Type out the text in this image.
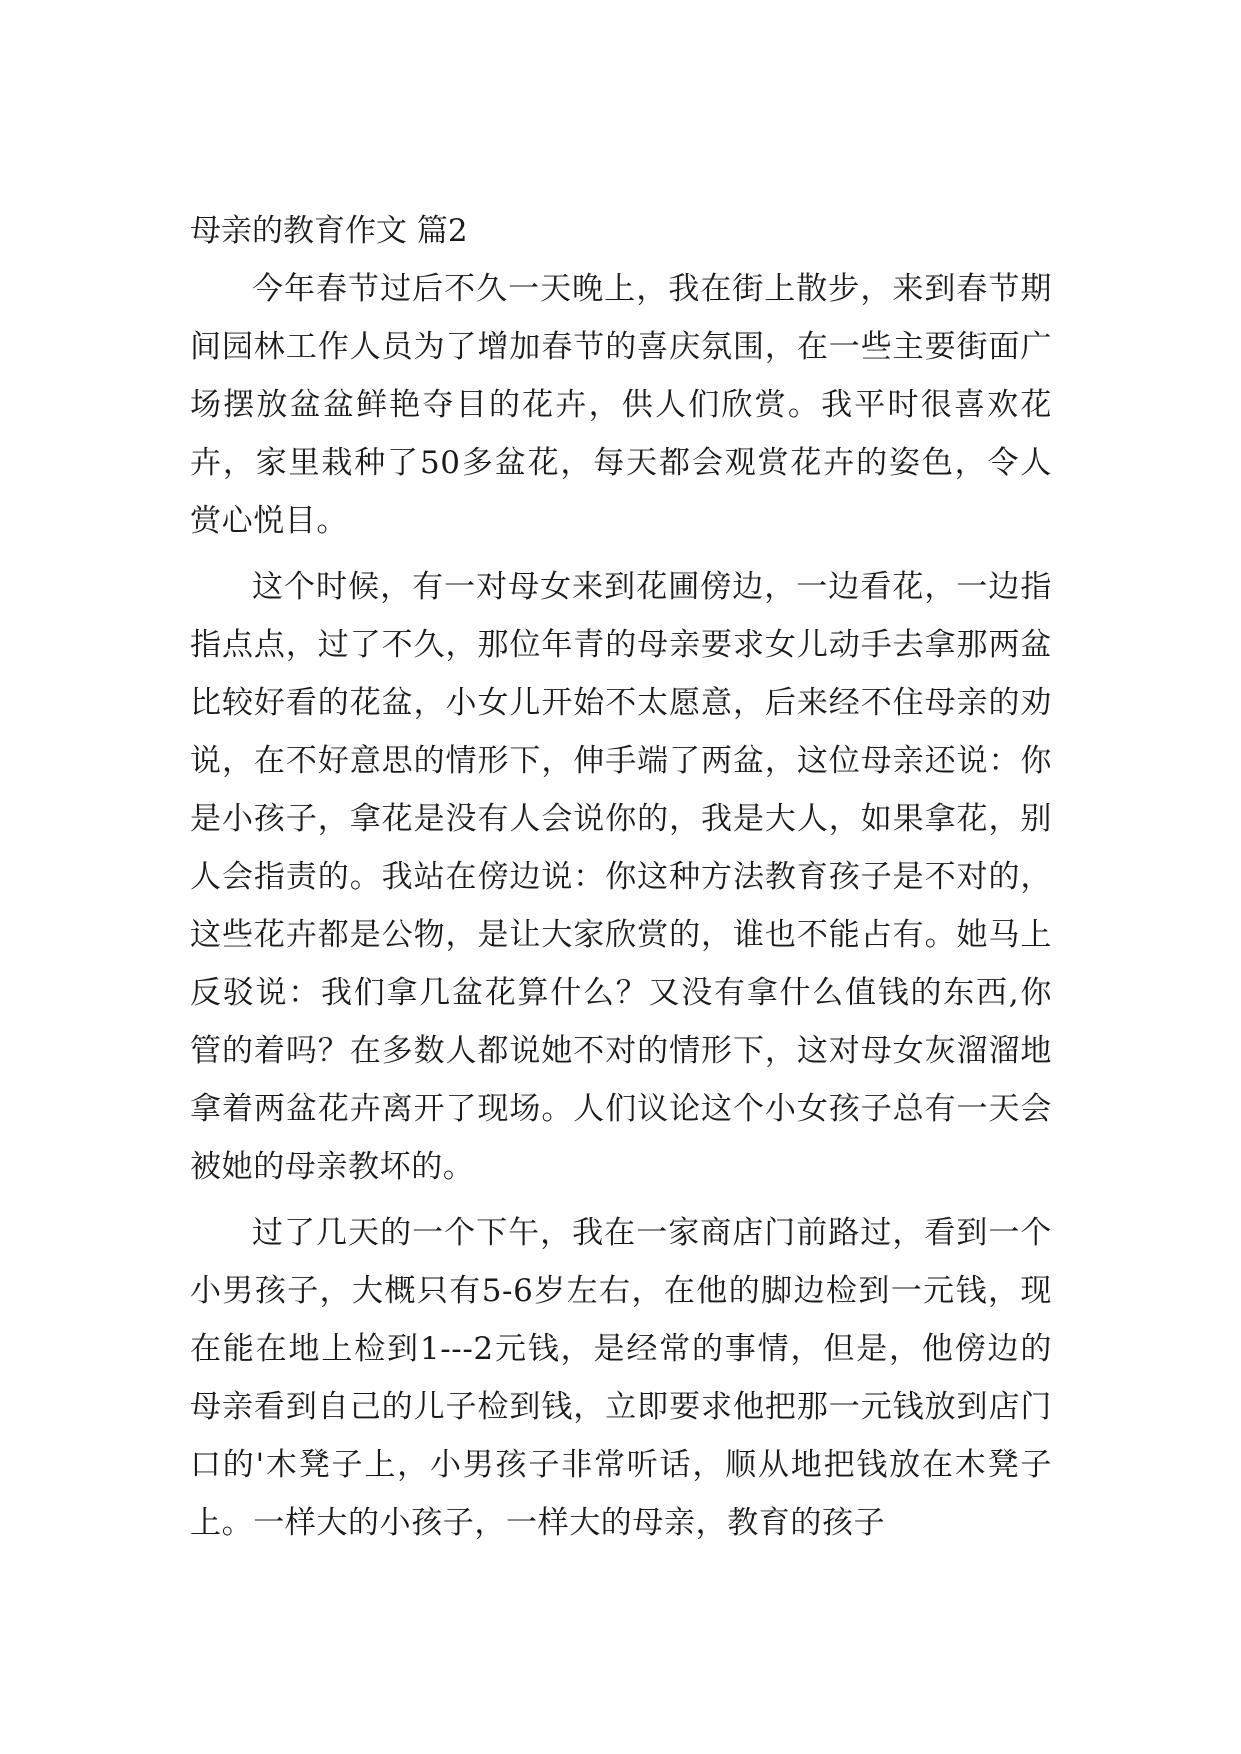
母亲的教育作文 篇2

今年春节过后不久一天晚上，我在街上散步，来到春节期间园林工作人员为了增加春节的喜庆氛围，在一些主要街面广场摆放盆盆鲜艳夺目的花卉，供人们欣赏。我平时很喜欢花卉，家里栽种了50多盆花，每天都会观赏花卉的姿色，令人赏心悦目。

这个时候，有一对母女来到花圃傍边，一边看花，一边指指点点，过了不久，那位年青的母亲要求女儿动手去拿那两盆比较好看的花盆，小女儿开始不太愿意，后来经不住母亲的劝说，在不好意思的情形下，伸手端了两盆，这位母亲还说：你是小孩子，拿花是没有人会说你的，我是大人，如果拿花，别人会指责的。我站在傍边说：你这种方法教育孩子是不对的，这些花卉都是公物，是让大家欣赏的，谁也不能占有。她马上反驳说：我们拿几盆花算什么？又没有拿什么值钱的东西,你管的着吗？在多数人都说她不对的情形下，这对母女灰溜溜地拿着两盆花卉离开了现场。人们议论这个小女孩子总有一天会被她的母亲教坏的。

过了几天的一个下午，我在一家商店门前路过，看到一个小男孩子，大概只有5-6岁左右，在他的脚边检到一元钱，现在能在地上检到1---2元钱，是经常的事情，但是，他傍边的母亲看到自己的儿子检到钱，立即要求他把那一元钱放到店门口的'木凳子上，小男孩子非常听话，顺从地把钱放在木凳子上。一样大的小孩子，一样大的母亲，教育的孩子
